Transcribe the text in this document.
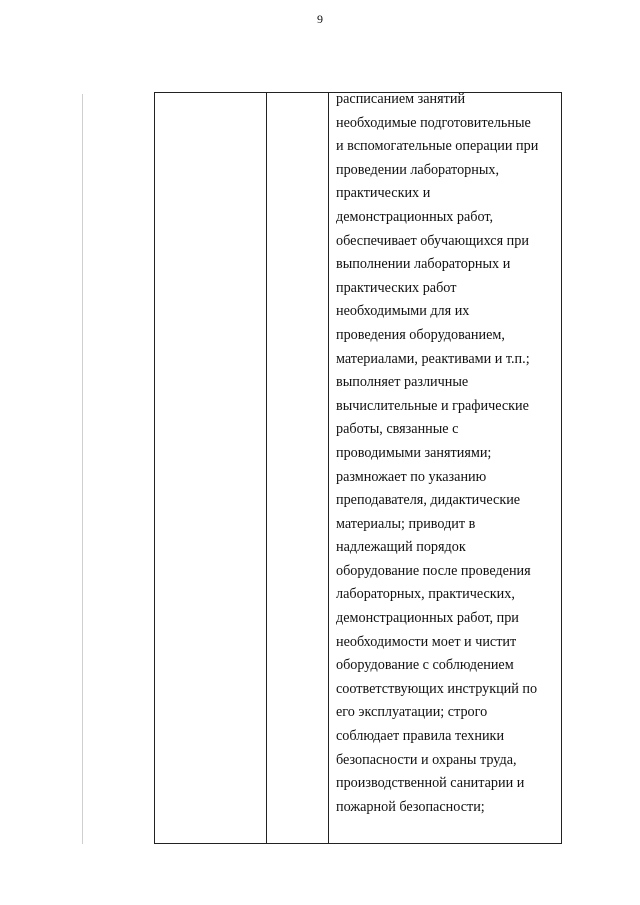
9
расписанием занятий
необходимые подготовительные
и вспомогательные операции при
проведении лабораторных,
практических и
демонстрационных работ,
обеспечивает обучающихся при
выполнении лабораторных и
практических работ
необходимыми для их
проведения оборудованием,
материалами, реактивами и т.п.;
выполняет различные
вычислительные и графические
работы, связанные с
проводимыми занятиями;
размножает по указанию
преподавателя, дидактические
материалы; приводит в
надлежащий порядок
оборудование после проведения
лабораторных, практических,
демонстрационных работ, при
необходимости моет и чистит
оборудование с соблюдением
соответствующих инструкций по
его эксплуатации; строго
соблюдает правила техники
безопасности и охраны труда,
производственной санитарии и
пожарной безопасности;
